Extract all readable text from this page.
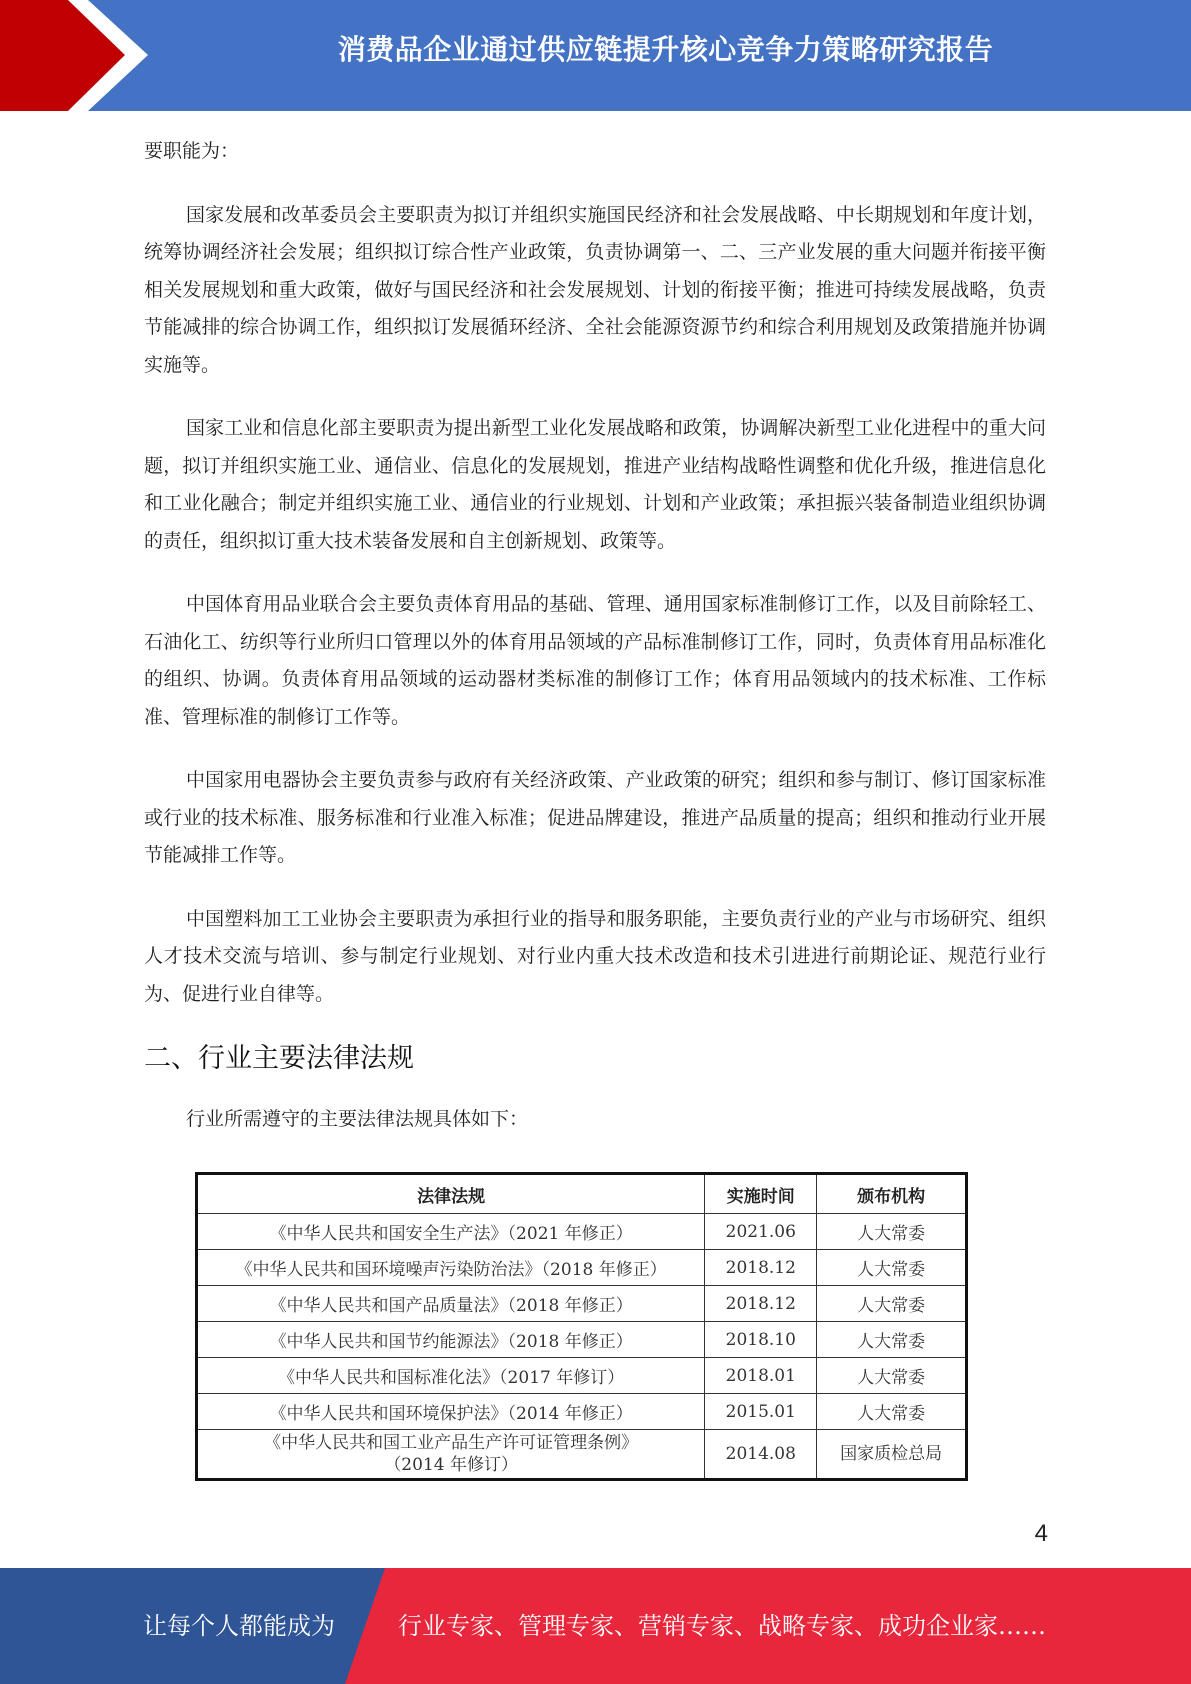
消费品企业通过供应链提升核心竞争力策略研究报告

要职能为：

国家发展和改革委员会主要职责为拟订并组织实施国民经济和社会发展战略、中长期规划和年度计划，统筹协调经济社会发展；组织拟订综合性产业政策，负责协调第一、二、三产业发展的重大问题并衔接平衡相关发展规划和重大政策，做好与国民经济和社会发展规划、计划的衔接平衡；推进可持续发展战略，负责节能减排的综合协调工作，组织拟订发展循环经济、全社会能源资源节约和综合利用规划及政策措施并协调实施等。

国家工业和信息化部主要职责为提出新型工业化发展战略和政策，协调解决新型工业化进程中的重大问题，拟订并组织实施工业、通信业、信息化的发展规划，推进产业结构战略性调整和优化升级，推进信息化和工业化融合；制定并组织实施工业、通信业的行业规划、计划和产业政策；承担振兴装备制造业组织协调的责任，组织拟订重大技术装备发展和自主创新规划、政策等。

中国体育用品业联合会主要负责体育用品的基础、管理、通用国家标准制修订工作，以及目前除轻工、石油化工、纺织等行业所归口管理以外的体育用品领域的产品标准制修订工作，同时，负责体育用品标准化的组织、协调。负责体育用品领域的运动器材类标准的制修订工作；体育用品领域内的技术标准、工作标准、管理标准的制修订工作等。

中国家用电器协会主要负责参与政府有关经济政策、产业政策的研究；组织和参与制订、修订国家标准或行业的技术标准、服务标准和行业准入标准；促进品牌建设，推进产品质量的提高；组织和推动行业开展节能减排工作等。

中国塑料加工工业协会主要职责为承担行业的指导和服务职能，主要负责行业的产业与市场研究、组织人才技术交流与培训、参与制定行业规划、对行业内重大技术改造和技术引进进行前期论证、规范行业行为、促进行业自律等。

二、行业主要法律法规

行业所需遵守的主要法律法规具体如下：

法律法规	实施时间	颁布机构
《中华人民共和国安全生产法》（2021 年修正）	2021.06	人大常委
《中华人民共和国环境噪声污染防治法》（2018 年修正）	2018.12	人大常委
《中华人民共和国产品质量法》（2018 年修正）	2018.12	人大常委
《中华人民共和国节约能源法》（2018 年修正）	2018.10	人大常委
《中华人民共和国标准化法》（2017 年修订）	2018.01	人大常委
《中华人民共和国环境保护法》（2014 年修正）	2015.01	人大常委

《中华人民共和国工业产品生产许可证管理条例》
（2014 年修订）	2014.08	国家质检总局
4
让每个人都能成为	行业专家、管理专家、营销专家、战略专家、成功企业家……
